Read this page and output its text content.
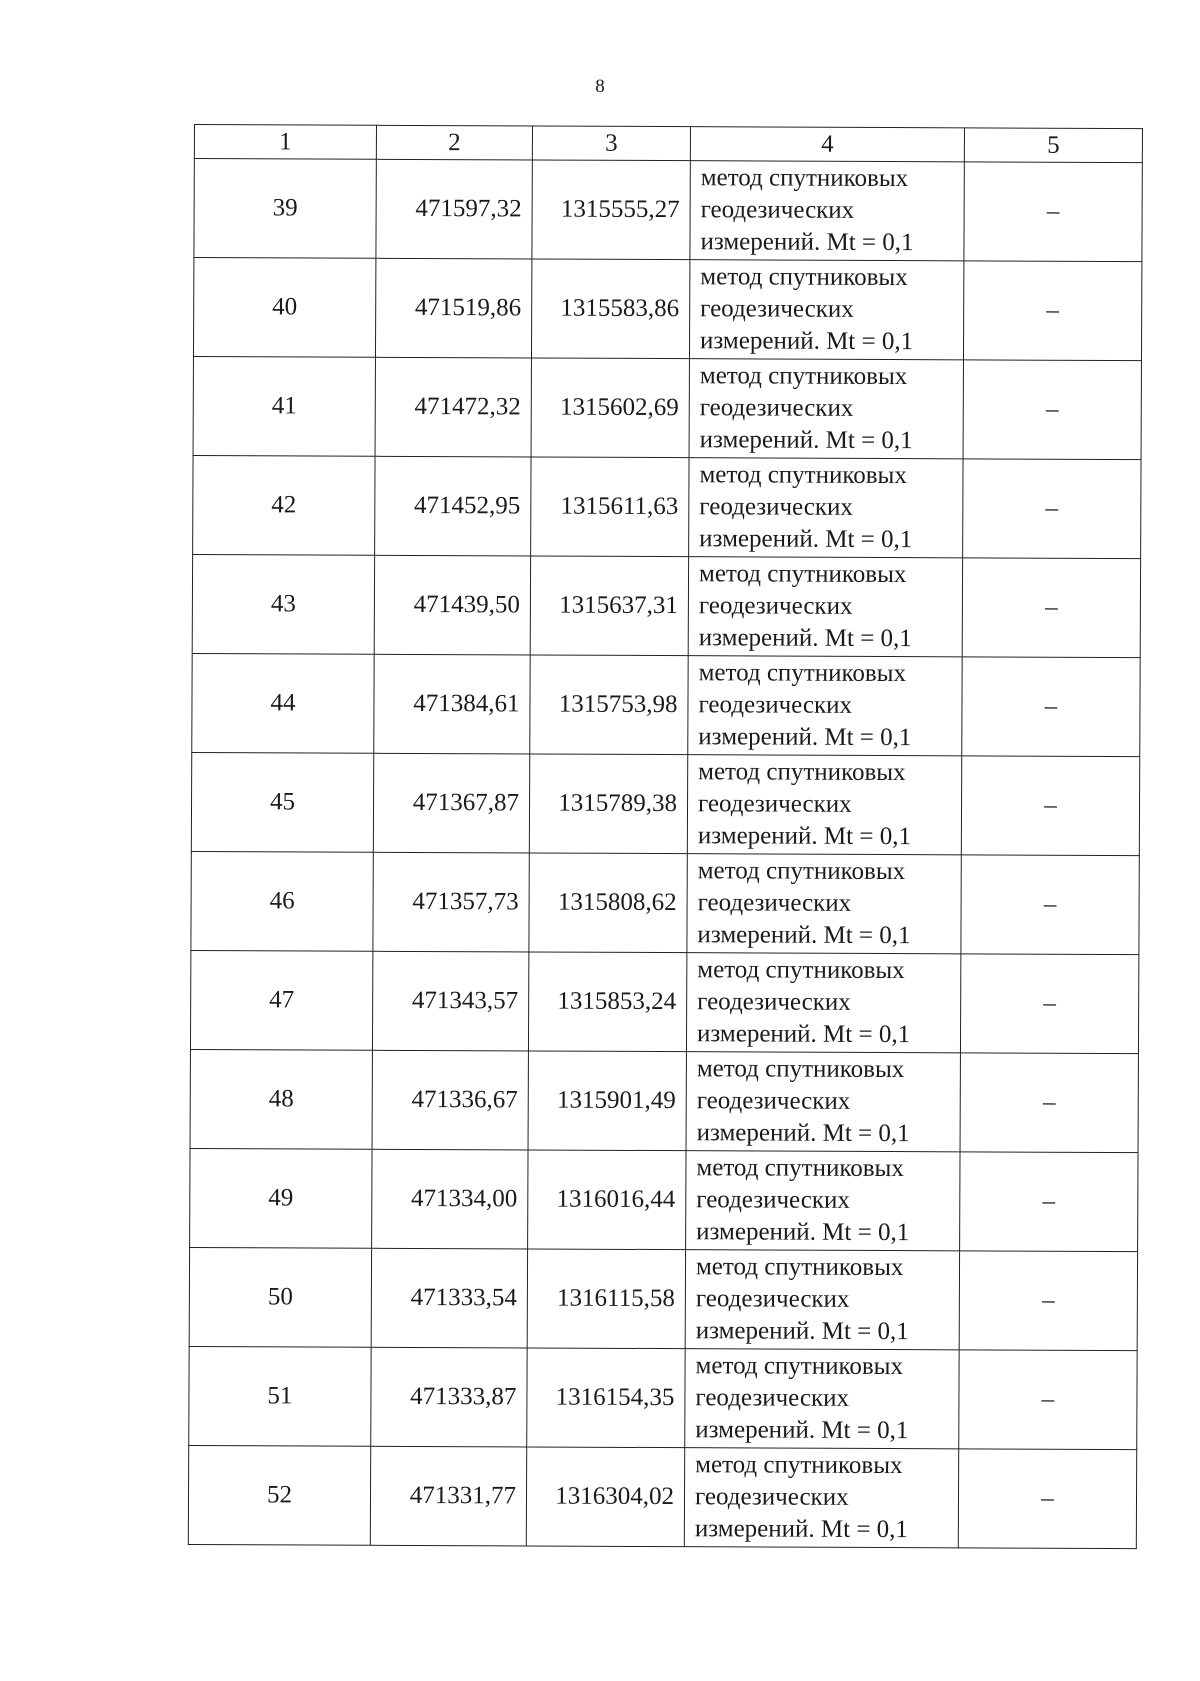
8
1	2	3	4	5
39	471597,32	1315555,27	метод спутниковых
геодезических
измерений. Mt = 0,1	–
40	471519,86	1315583,86	метод спутниковых
геодезических
измерений. Mt = 0,1	–
41	471472,32	1315602,69	метод спутниковых
геодезических
измерений. Mt = 0,1	–
42	471452,95	1315611,63	метод спутниковых
геодезических
измерений. Mt = 0,1	–
43	471439,50	1315637,31	метод спутниковых
геодезических
измерений. Mt = 0,1	–
44	471384,61	1315753,98	метод спутниковых
геодезических
измерений. Mt = 0,1	–
45	471367,87	1315789,38	метод спутниковых
геодезических
измерений. Mt = 0,1	–
46	471357,73	1315808,62	метод спутниковых
геодезических
измерений. Mt = 0,1	–
47	471343,57	1315853,24	метод спутниковых
геодезических
измерений. Mt = 0,1	–
48	471336,67	1315901,49	метод спутниковых
геодезических
измерений. Mt = 0,1	–
49	471334,00	1316016,44	метод спутниковых
геодезических
измерений. Mt = 0,1	–
50	471333,54	1316115,58	метод спутниковых
геодезических
измерений. Mt = 0,1	–
51	471333,87	1316154,35	метод спутниковых
геодезических
измерений. Mt = 0,1	–
52	471331,77	1316304,02	метод спутниковых
геодезических
измерений. Mt = 0,1	–
